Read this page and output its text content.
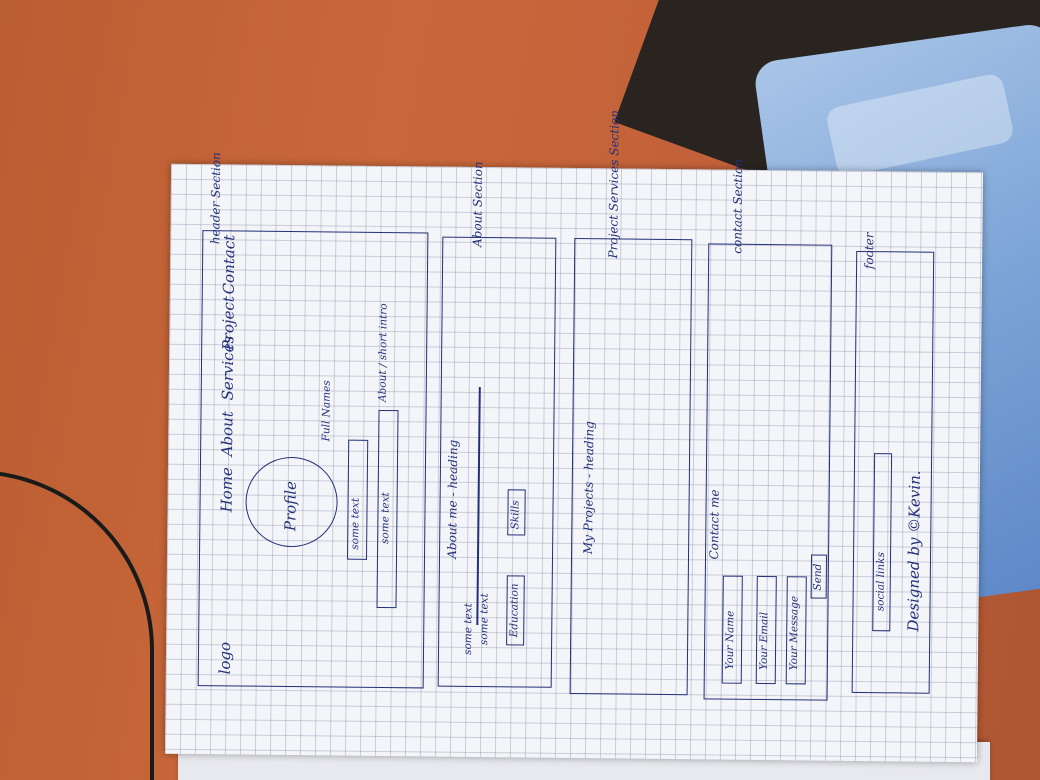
header Section
logo
Home
About
Services
Project
Contact
Profile	some text some text
Full Names
About / short intro
About Section
About me - heading
some text some text Education
Skills
Project Services Section
My Projects - heading
contact Section
Contact me
Your Name Your Email Your Message
Send
footer
social links Designed by ©Kevin.
